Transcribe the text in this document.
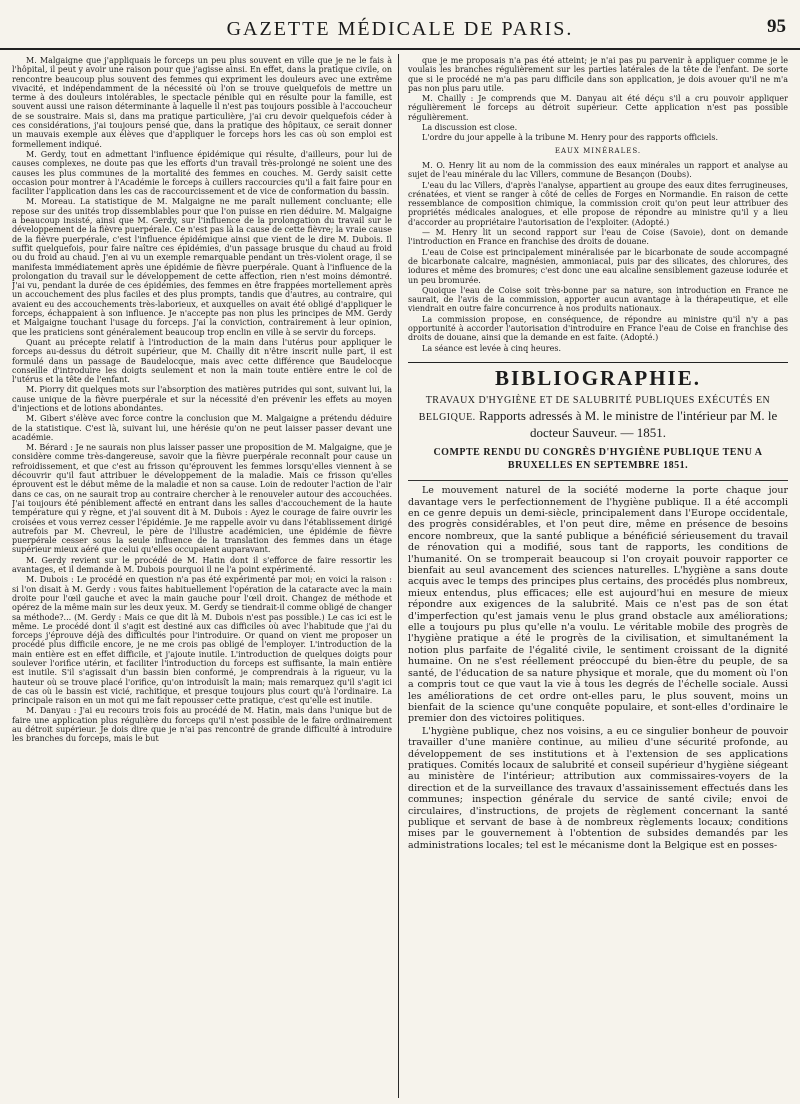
GAZETTE MÉDICALE DE PARIS.	95

M. Malgaigne que j'appliquais le forceps un peu plus souvent en ville que je ne le fais à l'hôpital, il peut y avoir une raison pour que j'agisse ainsi. En effet, dans la pratique civile, on rencontre beaucoup plus souvent des femmes qui expriment les douleurs avec une extrême vivacité, et indépendamment de la nécessité où l'on se trouve quelquefois de mettre un terme à des douleurs intolérables, le spectacle pénible qui en résulte pour la famille, est souvent aussi une raison déterminante à laquelle il n'est pas toujours possible à l'accoucheur de se soustraire. Mais si, dans ma pratique particulière, j'ai cru devoir quelquefois céder à ces considérations, j'ai toujours pensé que, dans la pratique des hôpitaux, ce serait donner un mauvais exemple aux élèves que d'appliquer le forceps hors les cas où son emploi est formellement indiqué.

M. Gerdy, tout en admettant l'influence épidémique qui résulte, d'ailleurs, pour lui de causes complexes, ne doute pas que les efforts d'un travail très-prolongé ne soient une des causes les plus communes de la mortalité des femmes en couches. M. Gerdy saisit cette occasion pour montrer à l'Académie le forceps à cuillers raccourcies qu'il a fait faire pour en faciliter l'application dans les cas de raccourcissement et de vice de conformation du bassin.

M. Moreau. La statistique de M. Malgaigne ne me paraît nullement concluante; elle repose sur des unités trop dissemblables pour que l'on puisse en rien déduire. M. Malgaigne a beaucoup insisté, ainsi que M. Gerdy, sur l'influence de la prolongation du travail sur le développement de la fièvre puerpérale. Ce n'est pas là la cause de cette fièvre; la vraie cause de la fièvre puerpérale, c'est l'influence épidémique ainsi que vient de le dire M. Dubois. Il suffit quelquefois, pour faire naître ces épidémies, d'un passage brusque du chaud au froid ou du froid au chaud. J'en ai vu un exemple remarquable pendant un très-violent orage, il se manifesta immédiatement après une épidémie de fièvre puerpérale. Quant à l'influence de la prolongation du travail sur le développement de cette affection, rien n'est moins démontré. J'ai vu, pendant la durée de ces épidémies, des femmes en être frappées mortellement après un accouchement des plus faciles et des plus prompts, tandis que d'autres, au contraire, qui avaient eu des accouchements très-laborieux, et auxquelles on avait été obligé d'appliquer le forceps, échappaient à son influence. Je n'accepte pas non plus les principes de MM. Gerdy et Malgaigne touchant l'usage du forceps. J'ai la conviction, contrairement à leur opinion, que les praticiens sont généralement beaucoup trop enclin en ville à se servir du forceps.

Quant au précepte relatif à l'introduction de la main dans l'utérus pour appliquer le forceps au-dessus du détroit supérieur, que M. Chailly dit n'être inscrit nulle part, il est formulé dans un passage de Baudelocque, mais avec cette différence que Baudelocque conseille d'introduire les doigts seulement et non la main toute entière entre le col de l'utérus et la tête de l'enfant.

M. Piorry dit quelques mots sur l'absorption des matières putrides qui sont, suivant lui, la cause unique de la fièvre puerpérale et sur la nécessité d'en prévenir les effets au moyen d'injections et de lotions abondantes.

M. Gibert s'élève avec force contre la conclusion que M. Malgaigne a prétendu déduire de la statistique. C'est là, suivant lui, une hérésie qu'on ne peut laisser passer devant une académie.

M. Bérard : Je ne saurais non plus laisser passer une proposition de M. Malgaigne, que je considère comme très-dangereuse, savoir que la fièvre puerpérale reconnaît pour cause un refroidissement, et que c'est au frisson qu'éprouvent les femmes lorsqu'elles viennent à se découvrir qu'il faut attribuer le développement de la maladie. Mais ce frisson qu'elles éprouvent est le début même de la maladie et non sa cause. Loin de redouter l'action de l'air dans ce cas, on ne saurait trop au contraire chercher à le renouveler autour des accouchées. J'ai toujours été péniblement affecté en entrant dans les salles d'accouchement de la haute température qui y règne, et j'ai souvent dit à M. Dubois : Ayez le courage de faire ouvrir les croisées et vous verrez cesser l'épidémie. Je me rappelle avoir vu dans l'établissement dirigé autrefois par M. Chevreul, le père de l'illustre académicien, une épidémie de fièvre puerpérale cesser sous la seule influence de la translation des femmes dans un étage supérieur mieux aéré que celui qu'elles occupaient auparavant.

M. Gerdy revient sur le procédé de M. Hatin dont il s'efforce de faire ressortir les avantages, et il demande à M. Dubois pourquoi il ne l'a point expérimenté.

M. Dubois : Le procédé en question n'a pas été expérimenté par moi; en voici la raison : si l'on disait à M. Gerdy : vous faites habituellement l'opération de la cataracte avec la main droite pour l'œil gauche et avec la main gauche pour l'œil droit. Changez de méthode et opérez de la même main sur les deux yeux. M. Gerdy se tiendrait-il comme obligé de changer sa méthode?... (M. Gerdy : Mais ce que dit là M. Dubois n'est pas possible.) Le cas ici est le même. Le procédé dont il s'agit est destiné aux cas difficiles où avec l'habitude que j'ai du forceps j'éprouve déjà des difficultés pour l'introduire. Or quand on vient me proposer un procédé plus difficile encore, je ne me crois pas obligé de l'employer. L'introduction de la main entière est en effet difficile, et j'ajoute inutile. L'introduction de quelques doigts pour soulever l'orifice utérin, et faciliter l'introduction du forceps est suffisante, la main entière est inutile. S'il s'agissait d'un bassin bien conformé, je comprendrais à la rigueur, vu la hauteur où se trouve placé l'orifice, qu'on introduisît la main; mais remarquez qu'il s'agit ici de cas où le bassin est vicié, rachitique, et presque toujours plus court qu'à l'ordinaire. La principale raison en un mot qui me fait repousser cette pratique, c'est qu'elle est inutile.

M. Danyau : J'ai eu recours trois fois au procédé de M. Hatin, mais dans l'unique but de faire une application plus régulière du forceps qu'il n'est possible de le faire ordinairement au détroit supérieur. Je dois dire que je n'ai pas rencontré de grande difficulté à introduire les branches du forceps, mais le but

que je me proposais n'a pas été atteint; je n'ai pas pu parvenir à appliquer comme je le voulais les branches régulièrement sur les parties latérales de la tête de l'enfant. De sorte que si le procédé ne m'a pas paru difficile dans son application, je dois avouer qu'il ne m'a pas non plus paru utile.

M. Chailly : Je comprends que M. Danyau ait été déçu s'il a cru pouvoir appliquer régulièrement le forceps au détroit supérieur. Cette application n'est pas possible régulièrement.

La discussion est close.

L'ordre du jour appelle à la tribune M. Henry pour des rapports officiels.

EAUX MINÉRALES.

M. O. Henry lit au nom de la commission des eaux minérales un rapport et analyse au sujet de l'eau minérale du lac Villers, commune de Besançon (Doubs).

L'eau du lac Villers, d'après l'analyse, appartient au groupe des eaux dites ferrugineuses, crénatées, et vient se ranger à côté de celles de Forges en Normandie. En raison de cette ressemblance de composition chimique, la commission croit qu'on peut leur attribuer des propriétés médicales analogues, et elle propose de répondre au ministre qu'il y a lieu d'accorder au propriétaire l'autorisation de l'exploiter. (Adopté.)

— M. Henry lit un second rapport sur l'eau de Coise (Savoie), dont on demande l'introduction en France en franchise des droits de douane.

L'eau de Coise est principalement minéralisée par le bicarbonate de soude accompagné de bicarbonate calcaire, magnésien, ammoniacal, puis par des silicates, des chlorures, des iodures et même des bromures; c'est donc une eau alcaline sensiblement gazeuse iodurée et un peu bromurée.

Quoique l'eau de Coise soit très-bonne par sa nature, son introduction en France ne saurait, de l'avis de la commission, apporter aucun avantage à la thérapeutique, et elle viendrait en outre faire concurrence à nos produits nationaux.

La commission propose, en conséquence, de répondre au ministre qu'il n'y a pas opportunité à accorder l'autorisation d'introduire en France l'eau de Coise en franchise des droits de douane, ainsi que la demande en est faite. (Adopté.)

La séance est levée à cinq heures.

BIBLIOGRAPHIE.
TRAVAUX D'HYGIÈNE ET DE SALUBRITÉ PUBLIQUES EXÉCUTÉS EN BELGIQUE. Rapports adressés à M. le ministre de l'intérieur par M. le docteur Sauveur. — 1851.
COMPTE RENDU DU CONGRÈS D'HYGIÈNE PUBLIQUE TENU A BRUXELLES EN SEPTEMBRE 1851.

Le mouvement naturel de la société moderne la porte chaque jour davantage vers le perfectionnement de l'hygiène publique. Il a été accompli en ce genre depuis un demi-siècle, principalement dans l'Europe occidentale, des progrès considérables, et l'on peut dire, même en présence de besoins encore nombreux, que la santé publique a bénéficié sérieusement du travail de rénovation qui a modifié, sous tant de rapports, les conditions de l'humanité. On se tromperait beaucoup si l'on croyait pouvoir rapporter ce bienfait au seul avancement des sciences naturelles. L'hygiène a sans doute acquis avec le temps des principes plus certains, des procédés plus nombreux, mieux entendus, plus efficaces; elle est aujourd'hui en mesure de mieux répondre aux exigences de la salubrité. Mais ce n'est pas de son état d'imperfection qu'est jamais venu le plus grand obstacle aux améliorations; elle a toujours pu plus qu'elle n'a voulu. Le véritable mobile des progrès de l'hygiène pratique a été le progrès de la civilisation, et simultanément la notion plus parfaite de l'égalité civile, le sentiment croissant de la dignité humaine. On ne s'est réellement préoccupé du bien-être du peuple, de sa santé, de l'éducation de sa nature physique et morale, que du moment où l'on a compris tout ce que vaut la vie à tous les degrés de l'échelle sociale. Aussi les améliorations de cet ordre ont-elles paru, le plus souvent, moins un bienfait de la science qu'une conquête populaire, et sont-elles d'ordinaire le premier don des victoires politiques.

L'hygiène publique, chez nos voisins, a eu ce singulier bonheur de pouvoir travailler d'une manière continue, au milieu d'une sécurité profonde, au développement de ses institutions et à l'extension de ses applications pratiques. Comités locaux de salubrité et conseil supérieur d'hygiène siégeant au ministère de l'intérieur; attribution aux commissaires-voyers de la direction et de la surveillance des travaux d'assainissement effectués dans les communes; inspection générale du service de santé civile; envoi de circulaires, d'instructions, de projets de règlement concernant la santé publique et servant de base à de nombreux règlements locaux; conditions mises par le gouvernement à l'obtention de subsides demandés par les administrations locales; tel est le mécanisme dont la Belgique est en posses-
